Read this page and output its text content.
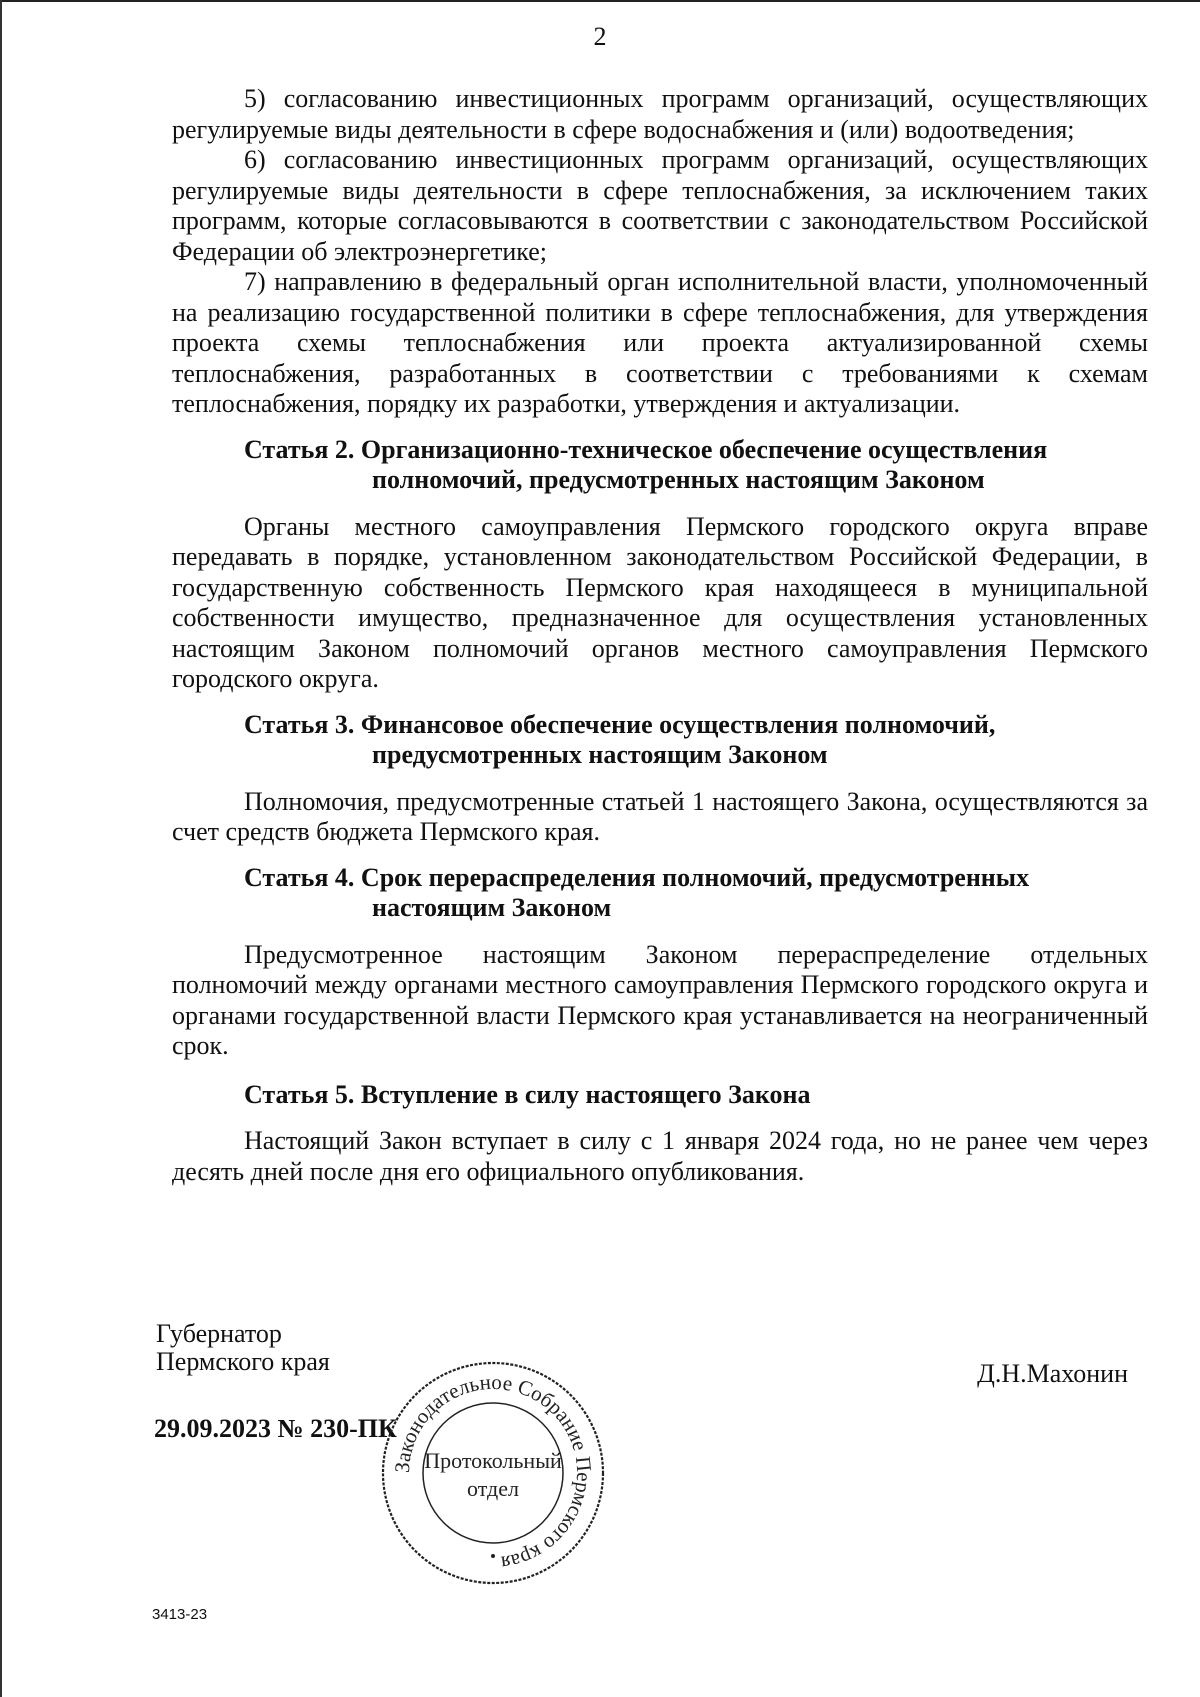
2

5) согласованию инвестиционных программ организаций, осуществляющих регулируемые виды деятельности в сфере водоснабжения и (или) водоотведения;

6) согласованию инвестиционных программ организаций, осуществляющих регулируемые виды деятельности в сфере теплоснабжения, за исключением таких программ, которые согласовываются в соответствии с законодательством Российской Федерации об электроэнергетике;

7) направлению в федеральный орган исполнительной власти, уполномоченный на реализацию государственной политики в сфере теплоснабжения, для утверждения проекта схемы теплоснабжения или проекта актуализированной схемы теплоснабжения, разработанных в соответствии с требованиями к схемам теплоснабжения, порядку их разработки, утверждения и актуализации.

Статья 2. Организационно-техническое обеспечение осуществления
полномочий, предусмотренных настоящим Законом

Органы местного самоуправления Пермского городского округа вправе передавать в порядке, установленном законодательством Российской Федерации, в государственную собственность Пермского края находящееся в муниципальной собственности имущество, предназначенное для осуществления установленных настоящим Законом полномочий органов местного самоуправления Пермского городского округа.

Статья 3. Финансовое обеспечение осуществления полномочий,
предусмотренных настоящим Законом

Полномочия, предусмотренные статьей 1 настоящего Закона, осуществляются за счет средств бюджета Пермского края.

Статья 4. Срок перераспределения полномочий, предусмотренных
настоящим Законом

Предусмотренное настоящим Законом перераспределение отдельных полномочий между органами местного самоуправления Пермского городского округа и органами государственной власти Пермского края устанавливается на неограниченный срок.

Статья 5. Вступление в силу настоящего Закона

Настоящий Закон вступает в силу с 1 января 2024 года, но не ранее чем через десять дней после дня его официального опубликования.

Губернатор
Пермского края	Д.Н.Махонин
29.09.2023 № 230-ПК
Законодательное Собрание Пермского края
Протокольный
отдел
3413-23
